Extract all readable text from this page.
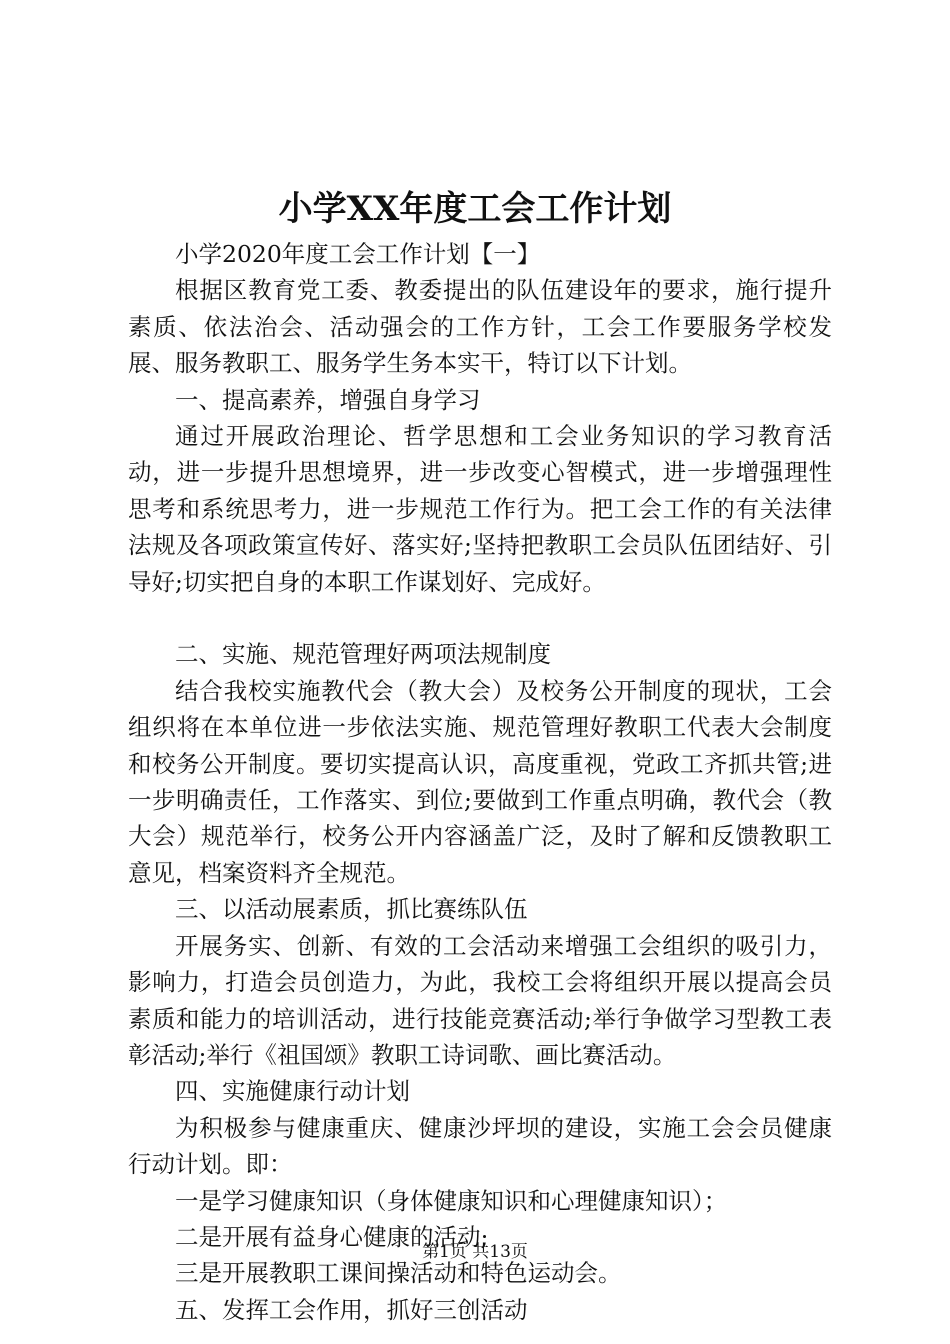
小学XX年度工会工作计划

小学2020年度工会工作计划【一】

根据区教育党工委、教委提出的队伍建设年的要求，施行提升素质、依法治会、活动强会的工作方针，工会工作要服务学校发展、服务教职工、服务学生务本实干，特订以下计划。

一、提高素养，增强自身学习

通过开展政治理论、哲学思想和工会业务知识的学习教育活动，进一步提升思想境界，进一步改变心智模式，进一步增强理性思考和系统思考力，进一步规范工作行为。把工会工作的有关法律法规及各项政策宣传好、落实好;坚持把教职工会员队伍团结好、引导好;切实把自身的本职工作谋划好、完成好。

二、实施、规范管理好两项法规制度

结合我校实施教代会（教大会）及校务公开制度的现状，工会组织将在本单位进一步依法实施、规范管理好教职工代表大会制度和校务公开制度。要切实提高认识，高度重视，党政工齐抓共管;进一步明确责任，工作落实、到位;要做到工作重点明确，教代会（教大会）规范举行，校务公开内容涵盖广泛，及时了解和反馈教职工意见，档案资料齐全规范。

三、以活动展素质，抓比赛练队伍

开展务实、创新、有效的工会活动来增强工会组织的吸引力，影响力，打造会员创造力，为此，我校工会将组织开展以提高会员素质和能力的培训活动，进行技能竞赛活动;举行争做学习型教工表彰活动;举行《祖国颂》教职工诗词歌、画比赛活动。

四、实施健康行动计划

为积极参与健康重庆、健康沙坪坝的建设，实施工会会员健康行动计划。即：

一是学习健康知识（身体健康知识和心理健康知识）；

二是开展有益身心健康的活动;

三是开展教职工课间操活动和特色运动会。

五、发挥工会作用，抓好三创活动

第1页 共13页
